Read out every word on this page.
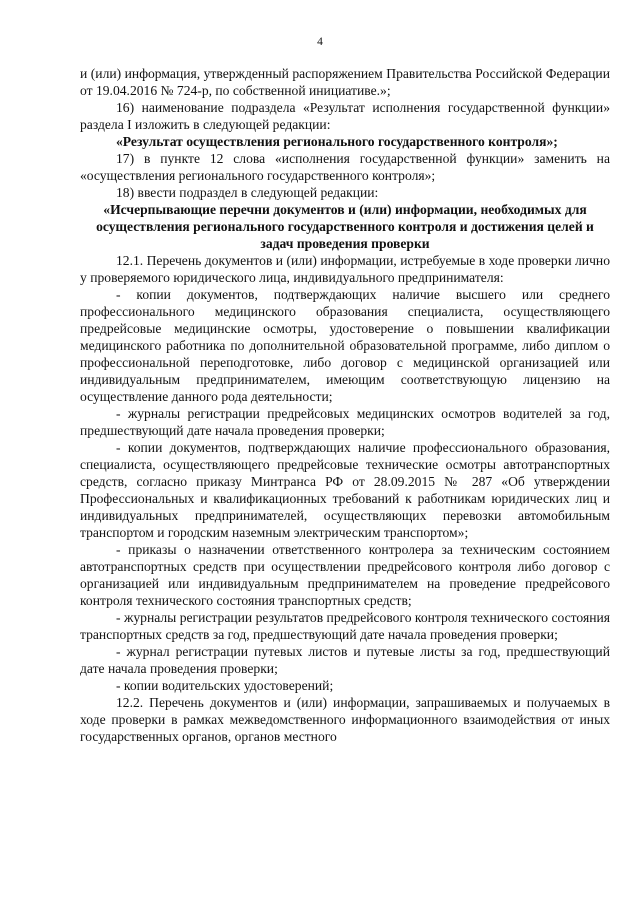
4

и (или) информация, утвержденный распоряжением Правительства Российской Федерации от 19.04.2016 № 724-р, по собственной инициативе.»;

16) наименование подраздела «Результат исполнения государственной функции» раздела I изложить в следующей редакции:

«Результат осуществления регионального государственного контроля»;

17) в пункте 12 слова «исполнения государственной функции» заменить на «осуществления регионального государственного контроля»;

18) ввести подраздел в следующей редакции:

«Исчерпывающие перечни документов и (или) информации, необходимых для осуществления регионального государственного контроля и достижения целей и задач проведения проверки

12.1. Перечень документов и (или) информации, истребуемые в ходе проверки лично у проверяемого юридического лица, индивидуального предпринимателя:

- копии документов, подтверждающих наличие высшего или среднего профессионального медицинского образования специалиста, осуществляющего предрейсовые медицинские осмотры, удостоверение о повышении квалификации медицинского работника по дополнительной образовательной программе, либо диплом о профессиональной переподготовке, либо договор с медицинской организацией или индивидуальным предпринимателем, имеющим соответствующую лицензию на осуществление данного рода деятельности;

- журналы регистрации предрейсовых медицинских осмотров водителей за год, предшествующий дате начала проведения проверки;

- копии документов, подтверждающих наличие профессионального образования, специалиста, осуществляющего предрейсовые технические осмотры автотранспортных средств, согласно приказу Минтранса РФ от 28.09.2015 № 287 «Об утверждении Профессиональных и квалификационных требований к работникам юридических лиц и индивидуальных предпринимателей, осуществляющих перевозки автомобильным транспортом и городским наземным электрическим транспортом»;

- приказы о назначении ответственного контролера за техническим состоянием автотранспортных средств при осуществлении предрейсового контроля либо договор с организацией или индивидуальным предпринимателем на проведение предрейсового контроля технического состояния транспортных средств;

- журналы регистрации результатов предрейсового контроля технического состояния транспортных средств за год, предшествующий дате начала проведения проверки;

- журнал регистрации путевых листов и путевые листы за год, предшествующий дате начала проведения проверки;

- копии водительских удостоверений;

12.2. Перечень документов и (или) информации, запрашиваемых и получаемых в ходе проверки в рамках межведомственного информационного взаимодействия от иных государственных органов, органов местного
